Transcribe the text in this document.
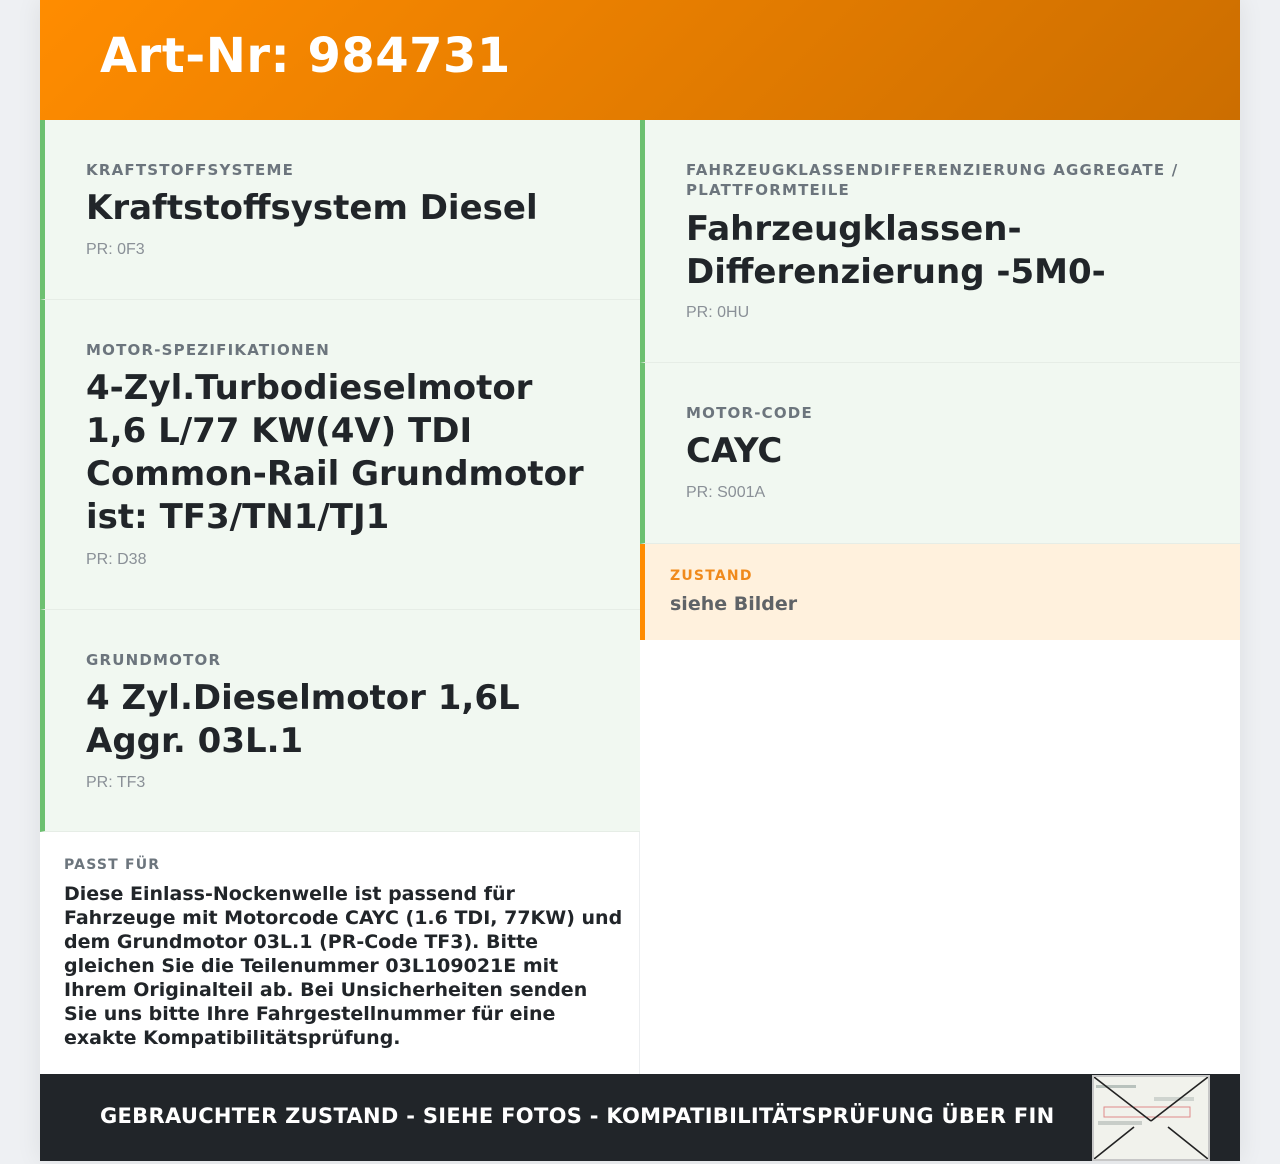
Art-Nr: 984731
KRAFTSTOFFSYSTEME
Kraftstoffsystem Diesel
PR: 0F3
MOTOR-SPEZIFIKATIONEN
4-Zyl.Turbodieselmotor 1,6 L/77 KW(4V) TDI Common-Rail Grundmotor ist: TF3/TN1/TJ1
PR: D38
GRUNDMOTOR
4 Zyl.Dieselmotor 1,6L Aggr. 03L.1
PR: TF3
FAHRZEUGKLASSENDIFFERENZIERUNG AGGREGATE / PLATTFORMTEILE
Fahrzeugklassen-Differenzierung -5M0-
PR: 0HU
MOTOR-CODE
CAYC
PR: S001A
ZUSTAND
siehe Bilder
PASST FÜR
Diese Einlass-Nockenwelle ist passend für Fahrzeuge mit Motorcode CAYC (1.6 TDI, 77KW) und dem Grundmotor 03L.1 (PR-Code TF3). Bitte gleichen Sie die Teilenummer 03L109021E mit Ihrem Originalteil ab. Bei Unsicherheiten senden Sie uns bitte Ihre Fahrgestellnummer für eine exakte Kompatibilitätsprüfung.
GEBRAUCHTER ZUSTAND - SIEHE FOTOS - KOMPATIBILITÄTSPRÜFUNG ÜBER FIN
